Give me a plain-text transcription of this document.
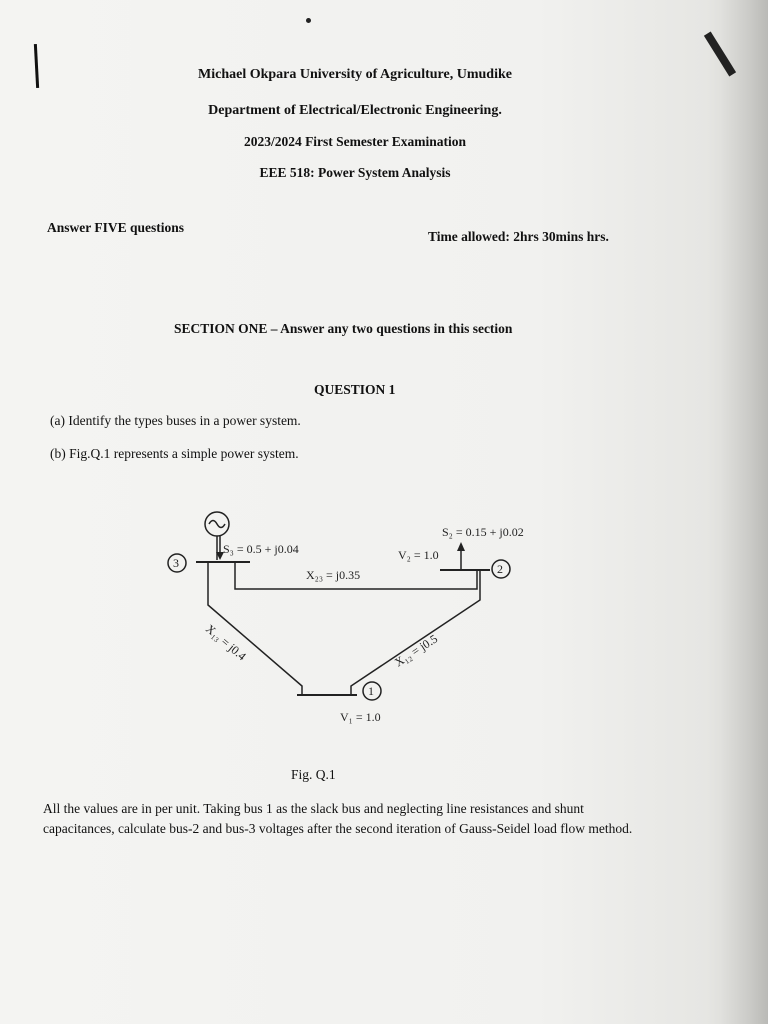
Michael Okpara University of Agriculture, Umudike
Department of Electrical/Electronic Engineering.
2023/2024 First Semester Examination
EEE 518: Power System Analysis
Answer FIVE questions
Time allowed: 2hrs 30mins hrs.
SECTION ONE – Answer any two questions in this section
QUESTION 1
(a) Identify the types buses in a power system.
(b) Fig.Q.1 represents a simple power system.
3	2
1
S₃ = 0.5 + j0.04
S₂ = 0.15 + j0.02
V₂ = 1.0
X₂₃ = j0.35
X₁₃ = j0.4	X₁₂ = j0.5
V₁ = 1.0
Fig. Q.1
All the values are in per unit. Taking bus 1 as the slack bus and neglecting line resistances and shunt capacitances, calculate bus-2 and bus-3 voltages after the second iteration of Gauss-Seidel load flow method.
